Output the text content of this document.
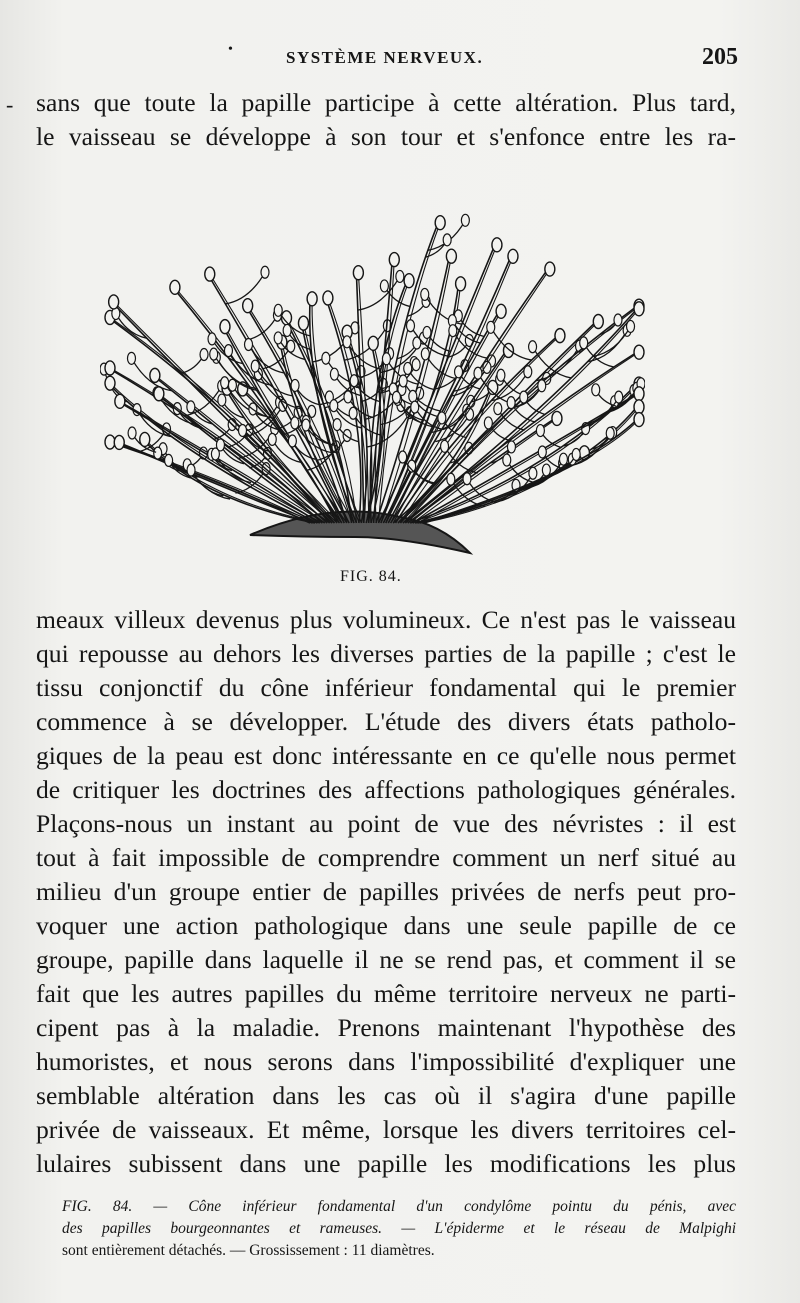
•	SYSTÈME NERVEUX.	205
- sans que toute la papille participe à cette altération. Plus tard,
le vaisseau se développe à son tour et s'enfonce entre les ra-
FIG. 84.
meaux villeux devenus plus volumineux. Ce n'est pas le vaisseau
qui repousse au dehors les diverses parties de la papille ; c'est le
tissu conjonctif du cône inférieur fondamental qui le premier
commence à se développer. L'étude des divers états patholo-
giques de la peau est donc intéressante en ce qu'elle nous permet
de critiquer les doctrines des affections pathologiques générales.
Plaçons-nous un instant au point de vue des névristes : il est
tout à fait impossible de comprendre comment un nerf situé au
milieu d'un groupe entier de papilles privées de nerfs peut pro-
voquer une action pathologique dans une seule papille de ce
groupe, papille dans laquelle il ne se rend pas, et comment il se
fait que les autres papilles du même territoire nerveux ne parti-
cipent pas à la maladie. Prenons maintenant l'hypothèse des
humoristes, et nous serons dans l'impossibilité d'expliquer une
semblable altération dans les cas où il s'agira d'une papille
privée de vaisseaux. Et même, lorsque les divers territoires cel-
lulaires subissent dans une papille les modifications les plus
FIG. 84. — Cône inférieur fondamental d'un condylôme pointu du pénis, avec
des papilles bourgeonnantes et rameuses. — L'épiderme et le réseau de Malpighi
sont entièrement détachés. — Grossissement : 11 diamètres.
